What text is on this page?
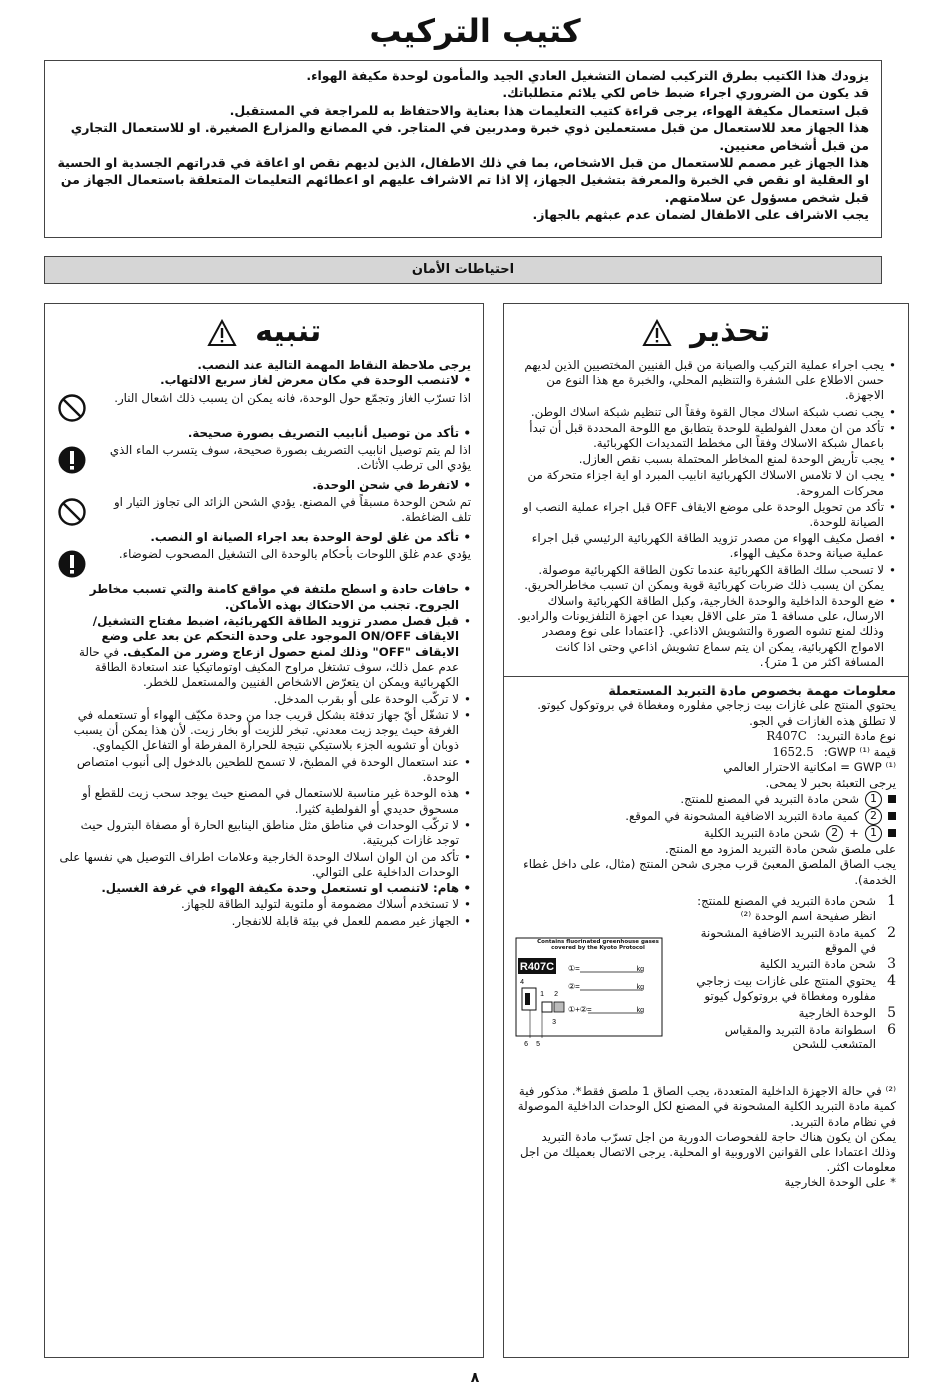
كتيب التركيب

يزودك هذا الكتيب بطرق التركيب لضمان التشغيل العادي الجيد والمأمون لوحدة مكيفة الهواء.

قد يكون من الضروري اجراء ضبط خاص لكي يلائم متطلباتك.

قبل استعمال مكيفة الهواء، يرجى قراءة كتيب التعليمات هذا بعناية والاحتفاظ به للمراجعة في المستقبل.

هذا الجهاز معد للاستعمال من قبل مستعملين ذوي خبرة ومدربين في المتاجر. في المصانع والمزارع الصغيرة. او للاستعمال التجاري من قبل أشخاص معنيين.

هذا الجهاز غير مصمم للاستعمال من قبل الاشخاص، بما في ذلك الاطفال، الذين لديهم نقص او اعاقة في قدراتهم الجسدية او الحسية او العقلية او نقص في الخبرة والمعرفة بتشغيل الجهاز، إلا اذا تم الاشراف عليهم او اعطائهم التعليمات المتعلقة باستعمال الجهاز من قبل شخص مسؤول عن سلامتهم.

يجب الاشراف على الاطفال لضمان عدم عبثهم بالجهاز.

احتياطات الأمان
تحذير
• يجب اجراء عملية التركيب والصيانة من قبل الفنيين المختصيين الذين لديهم حسن الاطلاع على الشفرة والتنظيم المحلي، والخبرة مع هذا النوع من الاجهزة.
• يجب نصب شبكة اسلاك مجال القوة وفقاً الى تنظيم شبكة اسلاك الوطن.
• تأكد من ان معدل الفولطية للوحدة يتطابق مع اللوحة المحددة قبل أن تبدأ باعمال شبكة الاسلاك وفقاً الى مخطط التمديدات الكهربائية.
• يجب تأريض الوحدة لمنع المخاطر المحتملة بسبب نقص العازل.
• يجب ان لا تلامس الاسلاك الكهربائية انابيب المبرد او اية اجزاء متحركة من محركات المروحة.
• تأكد من تحويل الوحدة على موضع الايقاف OFF قبل اجراء عملية النصب او الصيانة للوحدة.
• افصل مكيف الهواء من مصدر تزويد الطاقة الكهربائية الرئيسي قبل اجراء عملية صيانة وحدة مكيف الهواء.
• لا تسحب سلك الطاقة الكهربائية عندما تكون الطاقة الكهربائية موصولة. يمكن ان يسبب ذلك ضربات كهربائية قوية ويمكن ان تسبب مخاطرالحريق.
• ضع الوحدة الداخلية والوحدة الخارجية، وكبل الطاقة الكهربائية واسلاك الارسال، على مسافة 1 متر على الاقل بعيدا عن اجهزة التلفزيونات والراديو. وذلك لمنع تشوه الصورة والتشويش الاذاعي. {اعتمادا على نوع ومصدر الامواج الكهربائية، يمكن ان يتم سماع تشويش اذاعي وحتى اذا كانت المسافة اكثر من 1 متر}.

معلومات مهمة بخصوص مادة التبريد المستعملة

يحتوي المنتج على غازات بيت زجاجي مفلوره ومغطاة في بروتوكول كيوتو.

لا تطلق هذه الغازات في الجو.

نوع مادة التبريد:
R407C
قيمة GWP ⁽¹⁾:
1652.5

⁽¹⁾ GWP = امكانية الاحترار العالمي

يرجى التعبئة بحبر لا يمحى.

1
شحن مادة التبريد في المصنع للمنتج.
2
كمية مادة التبريد الاضافية المشحونة في الموقع.
1
+
2
شحن مادة التبريد الكلية

على ملصق شحن مادة التبريد المزود مع المنتج.

يجب الصاق الملصق المعبئ قرب مجرى شحن المنتج (مثال، على داخل غطاء الخدمة).

1
شحن مادة التبريد في المصنع للمنتج: انظر صفيحة اسم الوحدة ⁽²⁾
2
كمية مادة التبريد الاضافية المشحونة في الموقع
3
شحن مادة التبريد الكلية
4
يحتوي المنتج على غازات بيت زجاجي مفلوره ومغطاة في بروتوكول كيوتو
5
الوحدة الخارجية
6
اسطوانة مادة التبريد والمقياس المتشعب للشحن
Contains fluorinated greenhouse gases covered by the Kyoto Protocol
R407C ①=	kg
②=	kg
①+②=	kg
1 2
4
3
6 5

⁽²⁾ في حالة الاجهزة الداخلية المتعددة، يجب الصاق 1 ملصق فقط*. مذكور فية كمية مادة التبريد الكلية المشحونة في المصنع لكل الوحدات الداخلية الموصولة في نظام مادة التبريد.

يمكن ان يكون هناك حاجة للفحوصات الدورية من اجل تسرّب مادة التبريد وذلك اعتمادا على القوانين الاوروبية او المحلية. يرجى الاتصال بعميلك من اجل معلومات اكثر.

* على الوحدة الخارجية

تنبيه

يرجى ملاحظة النقاط المهمة التالية عند النصب.

• لاتنصب الوحدة في مكان معرض لغاز سريع الالتهاب.
اذا تسرّب الغاز وتجمّع حول الوحدة، فانه يمكن ان يسبب ذلك اشعال النار.
• تأكد من توصيل أنابيب التصريف بصورة صحيحة.
اذا لم يتم توصيل انابيب التصريف بصورة صحيحة، سوف يتسرب الماء الذي يؤدي الى ترطب الأثاث.
• لاتفرط في شحن الوحدة.
تم شحن الوحدة مسبقاً في المصنع. يؤدي الشحن الزائد الى تجاوز التيار او تلف الضاغطة.
• تأكد من غلق لوحة الوحدة بعد اجراء الصيانة او النصب.
يؤدي عدم غلق اللوحات بأحكام بالوحدة الى التشغيل المصحوب لضوضاء.
• حافات حادة و اسطح ملتفة في مواقع كامنة والتي تسبب مخاطر الجروح. تجنب من الاحتكاك بهذه الأماكن.
• قبل فصل مصدر تزويد الطاقة الكهربائية، اضبط مفتاح التشغيل/الايقاف ON/OFF الموجود على وحدة التحكم عن بعد على وضع الايقاف "OFF" وذلك لمنع حصول ازعاج وضرر من المكيف. في حالة عدم عمل ذلك، سوف تشتغل مراوح المكيف اوتوماتيكيا عند استعادة الطاقة الكهربائية ويمكن ان يتعرّض الاشخاص الفنيين والمستعمل للخطر.
• لا تركّب الوحدة على أو بقرب المدخل.
• لا تشغّل أيّ جهاز تدفئة بشكل قريب جدا من وحدة مكيّف الهواء أو تستعمله في الغرفة حيث يوجد زيت معدني. تبخر للزيت أو بخار زيت. لأن هذا يمكن أن يسبب ذوبان أو تشويه الجزء بلاستيكي نتيجة للحرارة المفرطة أو التفاعل الكيماوي.
• عند استعمال الوحدة في المطبخ، لا تسمح للطحين بالدخول إلى أنبوب امتصاص الوحدة.
• هذه الوحدة غير مناسبة للاستعمال في المصنع حيث يوجد سحب زيت للقطع أو مسحوق حديدي أو الفولطية كثيرا.
• لا تركّب الوحدات في مناطق مثل مناطق الينابيع الحارة أو مصفاة البترول حيث توجد غازات كبريتية.
• تأكد من ان الوان اسلاك الوحدة الخارجية وعلامات اطراف التوصيل هي نفسها على الوحدات الداخلية على التوالي.
• هام: لاتنصب او تستعمل وحدة مكيفة الهواء في غرفة الغسيل.
• لا تستخدم أسلاك مضمومة أو ملتوية لتوليد الطاقة للجهاز.
• الجهاز غير مصمم للعمل في بيئة قابلة للانفجار.
٨
